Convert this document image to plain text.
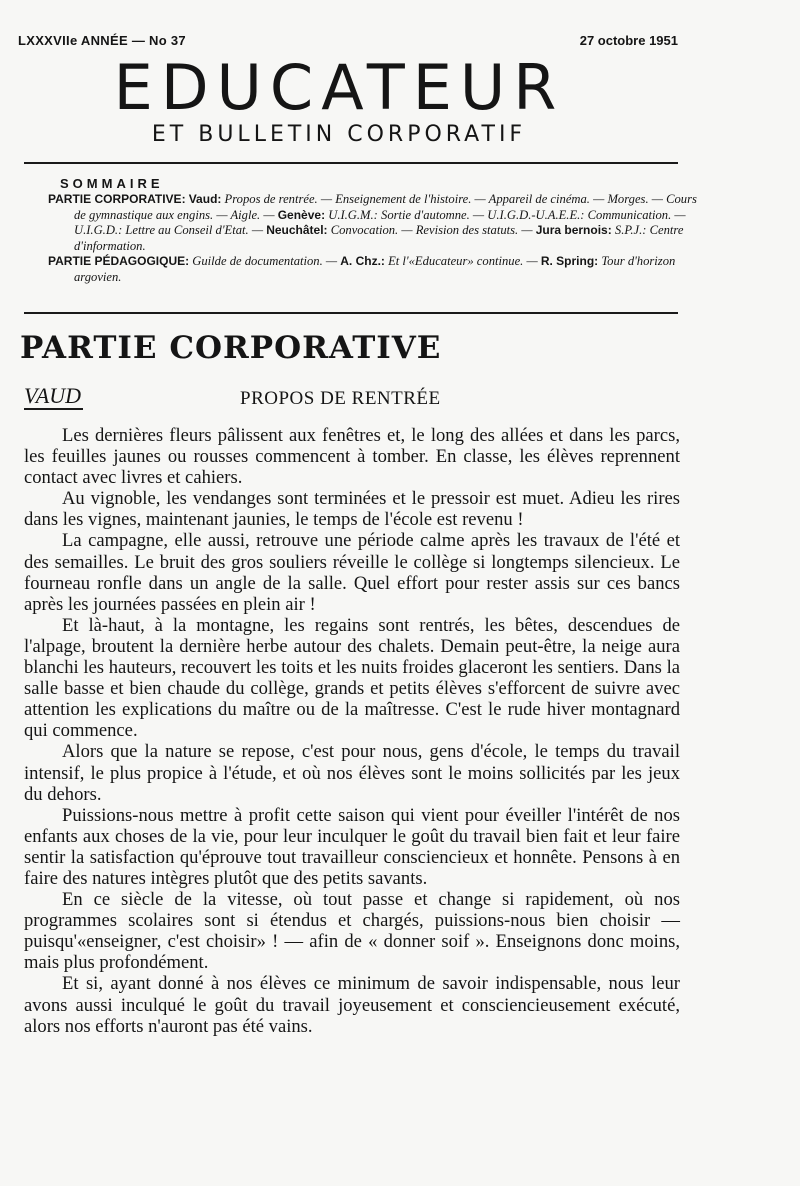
LXXXVIIe ANNÉE — No 37	27 octobre 1951
EDUCATEUR
ET BULLETIN CORPORATIF
SOMMAIRE

PARTIE CORPORATIVE: Vaud: Propos de rentrée. — Enseignement de l'histoire. — Appareil de cinéma. — Morges. — Cours de gymnastique aux engins. — Aigle. — Genève: U.I.G.M.: Sortie d'automne. — U.I.G.D.-U.A.E.E.: Communication. — U.I.G.D.: Lettre au Conseil d'Etat. — Neuchâtel: Convocation. — Revision des statuts. — Jura bernois: S.P.J.: Centre d'information.

PARTIE PÉDAGOGIQUE: Guilde de documentation. — A. Chz.: Et l'«Educateur» continue. — R. Spring: Tour d'horizon argovien.

PARTIE CORPORATIVE
VAUD	PROPOS DE RENTRÉE

Les dernières fleurs pâlissent aux fenêtres et, le long des allées et dans les parcs, les feuilles jaunes ou rousses commencent à tomber. En classe, les élèves reprennent contact avec livres et cahiers.

Au vignoble, les vendanges sont terminées et le pressoir est muet. Adieu les rires dans les vignes, maintenant jaunies, le temps de l'école est revenu !

La campagne, elle aussi, retrouve une période calme après les travaux de l'été et des semailles. Le bruit des gros souliers réveille le collège si longtemps silencieux. Le fourneau ronfle dans un angle de la salle. Quel effort pour rester assis sur ces bancs après les journées passées en plein air !

Et là-haut, à la montagne, les regains sont rentrés, les bêtes, descendues de l'alpage, broutent la dernière herbe autour des chalets. Demain peut-être, la neige aura blanchi les hauteurs, recouvert les toits et les nuits froides glaceront les sentiers. Dans la salle basse et bien chaude du collège, grands et petits élèves s'efforcent de suivre avec attention les explications du maître ou de la maîtresse. C'est le rude hiver montagnard qui commence.

Alors que la nature se repose, c'est pour nous, gens d'école, le temps du travail intensif, le plus propice à l'étude, et où nos élèves sont le moins sollicités par les jeux du dehors.

Puissions-nous mettre à profit cette saison qui vient pour éveiller l'intérêt de nos enfants aux choses de la vie, pour leur inculquer le goût du travail bien fait et leur faire sentir la satisfaction qu'éprouve tout travailleur consciencieux et honnête. Pensons à en faire des natures intègres plutôt que des petits savants.

En ce siècle de la vitesse, où tout passe et change si rapidement, où nos programmes scolaires sont si étendus et chargés, puissions-nous bien choisir — puisqu'«enseigner, c'est choisir» ! — afin de « donner soif ». Enseignons donc moins, mais plus profondément.

Et si, ayant donné à nos élèves ce minimum de savoir indispensable, nous leur avons aussi inculqué le goût du travail joyeusement et consciencieusement exécuté, alors nos efforts n'auront pas été vains.
